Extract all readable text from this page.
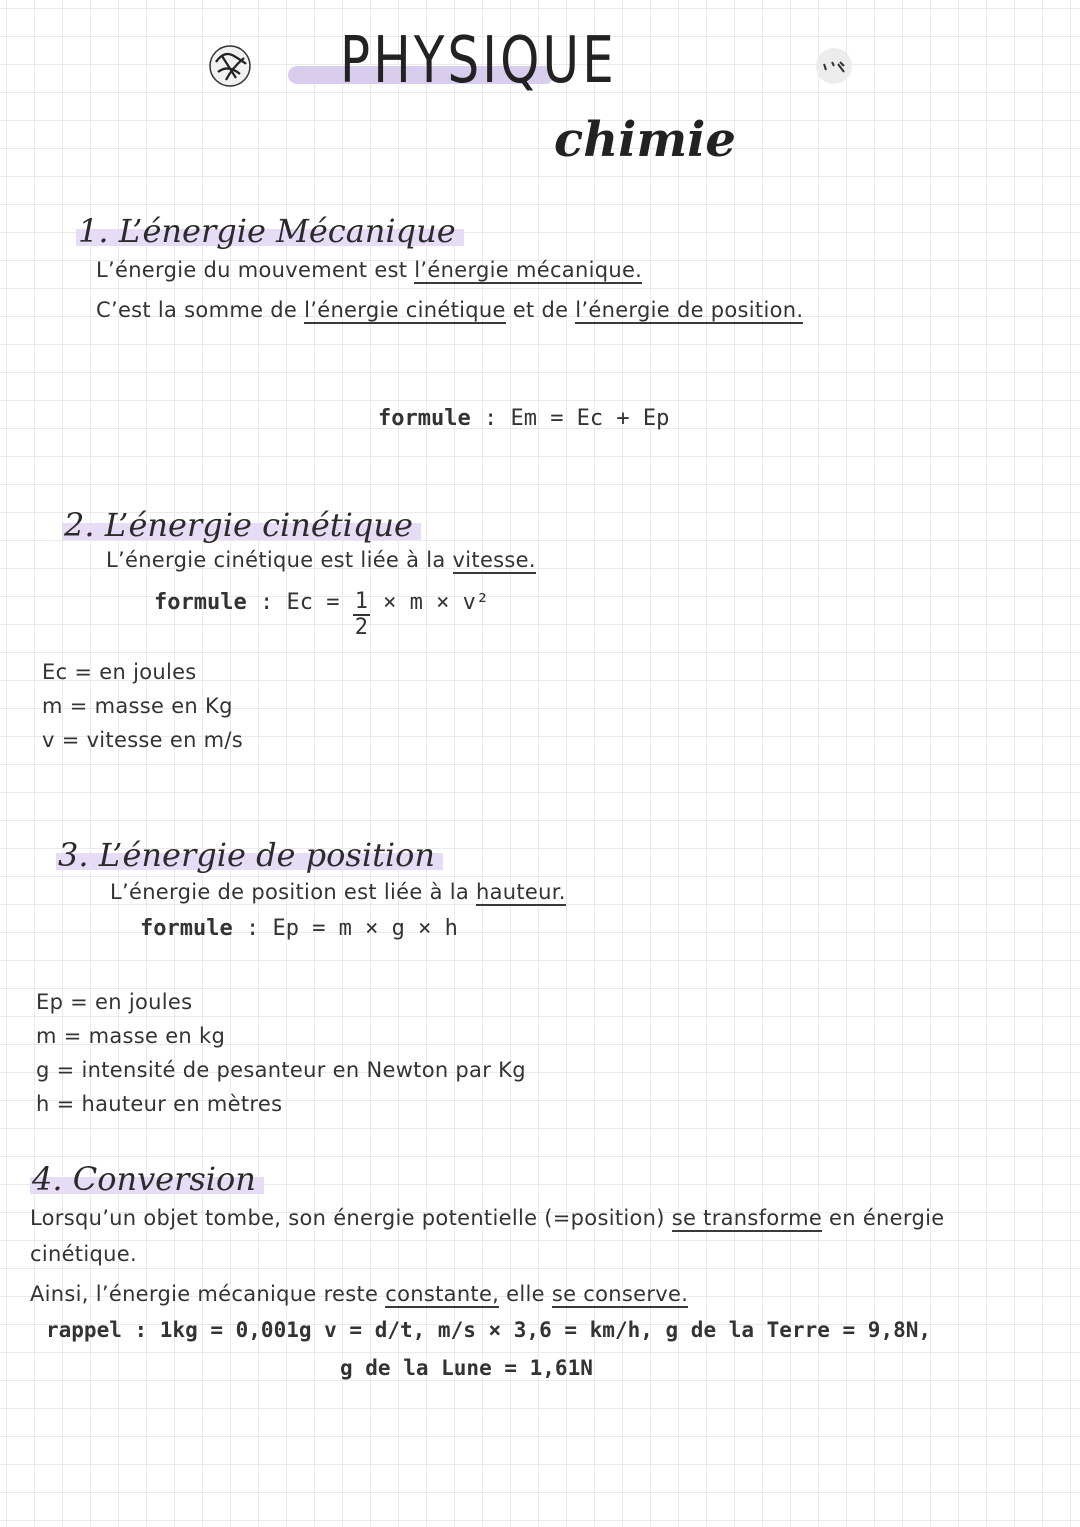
PHYSIQUE
chimie
1. L’énergie Mécanique
L’énergie du mouvement est l’énergie mécanique.
C’est la somme de l’énergie cinétique et de l’énergie de position.
formule : Em = Ec + Ep
2. L’énergie cinétique
L’énergie cinétique est liée à la vitesse.
formule : $Ec = \frac{1}{2} \times m \times v^2$
Ec = en joules
m = masse en Kg
v = vitesse en m/s
3. L’énergie de position
L’énergie de position est liée à la hauteur.
formule : Ep = m × g × h
Ep = en joules
m = masse en kg
g = intensité de pesanteur en Newton par Kg
h = hauteur en mètres
4. Conversion
Lorsqu’un objet tombe, son énergie potentielle (=position) se transforme en énergie
cinétique.
Ainsi, l’énergie mécanique reste constante, elle se conserve.
rappel : 1kg = 0,001g v = d/t, m/s × 3,6 = km/h, g de la Terre = 9,8N,
g de la Lune = 1,61N
